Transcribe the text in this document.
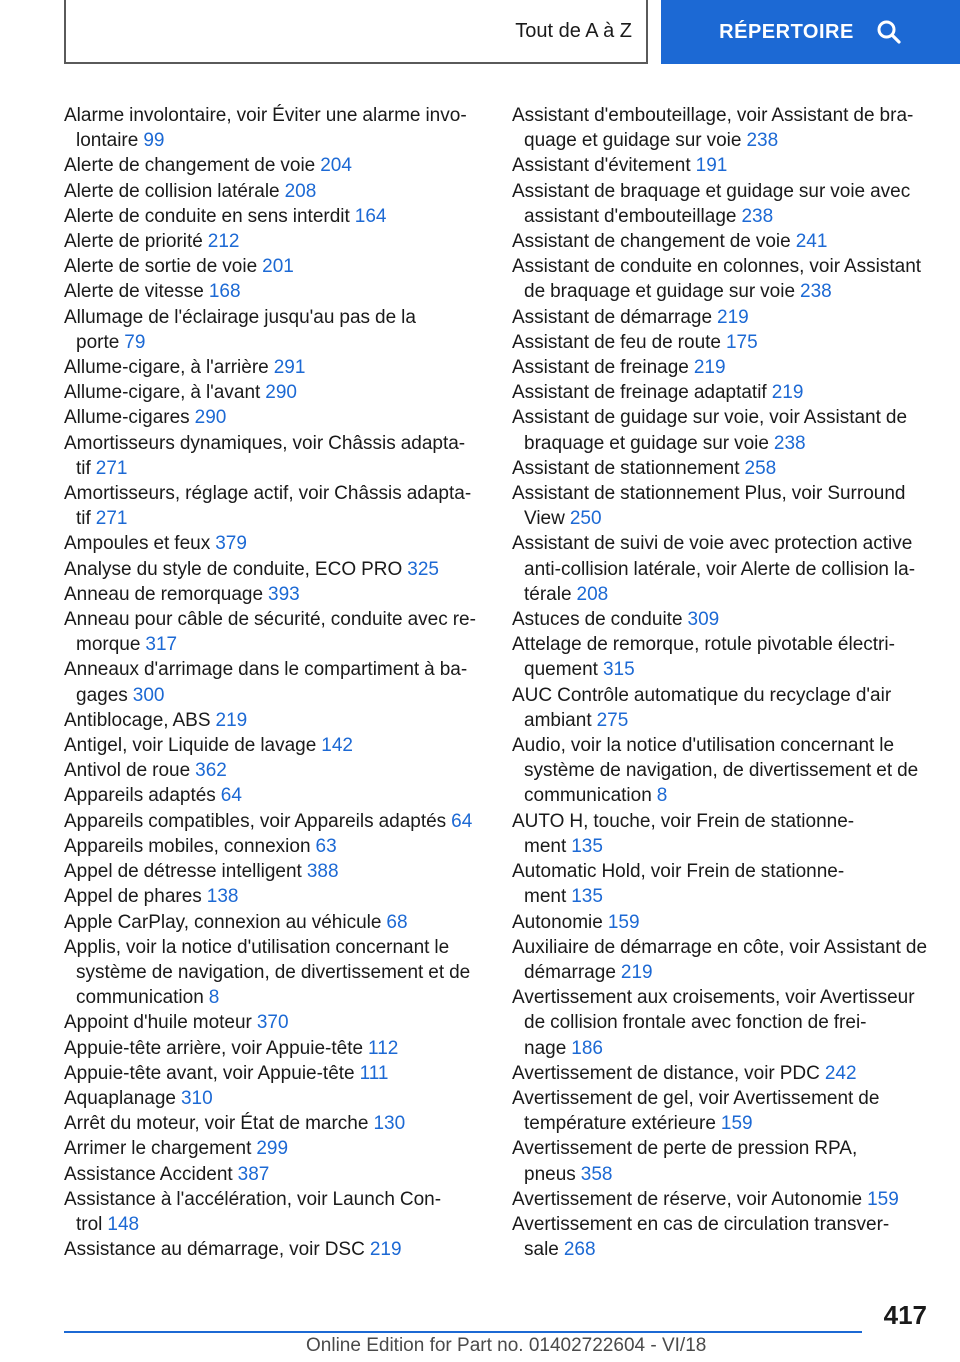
Tout de A à Z	RÉPERTOIRE
Alarme involontaire, voir Éviter une alarme invo-
lontaire 99
Alerte de changement de voie 204
Alerte de collision latérale 208
Alerte de conduite en sens interdit 164
Alerte de priorité 212
Alerte de sortie de voie 201
Alerte de vitesse 168
Allumage de l'éclairage jusqu'au pas de la
porte 79
Allume-cigare, à l'arrière 291
Allume-cigare, à l'avant 290
Allume-cigares 290
Amortisseurs dynamiques, voir Châssis adapta-
tif 271
Amortisseurs, réglage actif, voir Châssis adapta-
tif 271
Ampoules et feux 379
Analyse du style de conduite, ECO PRO 325
Anneau de remorquage 393
Anneau pour câble de sécurité, conduite avec re-
morque 317
Anneaux d'arrimage dans le compartiment à ba-
gages 300
Antiblocage, ABS 219
Antigel, voir Liquide de lavage 142
Antivol de roue 362
Appareils adaptés 64
Appareils compatibles, voir Appareils adaptés 64
Appareils mobiles, connexion 63
Appel de détresse intelligent 388
Appel de phares 138
Apple CarPlay, connexion au véhicule 68
Applis, voir la notice d'utilisation concernant le
système de navigation, de divertissement et de
communication 8
Appoint d'huile moteur 370
Appuie-tête arrière, voir Appuie-tête 112
Appuie-tête avant, voir Appuie-tête 111
Aquaplanage 310
Arrêt du moteur, voir État de marche 130
Arrimer le chargement 299
Assistance Accident 387
Assistance à l'accélération, voir Launch Con-
trol 148
Assistance au démarrage, voir DSC 219
Assistant d'embouteillage, voir Assistant de bra-
quage et guidage sur voie 238
Assistant d'évitement 191
Assistant de braquage et guidage sur voie avec
assistant d'embouteillage 238
Assistant de changement de voie 241
Assistant de conduite en colonnes, voir Assistant
de braquage et guidage sur voie 238
Assistant de démarrage 219
Assistant de feu de route 175
Assistant de freinage 219
Assistant de freinage adaptatif 219
Assistant de guidage sur voie, voir Assistant de
braquage et guidage sur voie 238
Assistant de stationnement 258
Assistant de stationnement Plus, voir Surround
View 250
Assistant de suivi de voie avec protection active
anti-collision latérale, voir Alerte de collision la-
térale 208
Astuces de conduite 309
Attelage de remorque, rotule pivotable électri-
quement 315
AUC Contrôle automatique du recyclage d'air
ambiant 275
Audio, voir la notice d'utilisation concernant le
système de navigation, de divertissement et de
communication 8
AUTO H, touche, voir Frein de stationne-
ment 135
Automatic Hold, voir Frein de stationne-
ment 135
Autonomie 159
Auxiliaire de démarrage en côte, voir Assistant de
démarrage 219
Avertissement aux croisements, voir Avertisseur
de collision frontale avec fonction de frei-
nage 186
Avertissement de distance, voir PDC 242
Avertissement de gel, voir Avertissement de
température extérieure 159
Avertissement de perte de pression RPA,
pneus 358
Avertissement de réserve, voir Autonomie 159
Avertissement en cas de circulation transver-
sale 268
417
Online Edition for Part no. 01402722604 - VI/18
